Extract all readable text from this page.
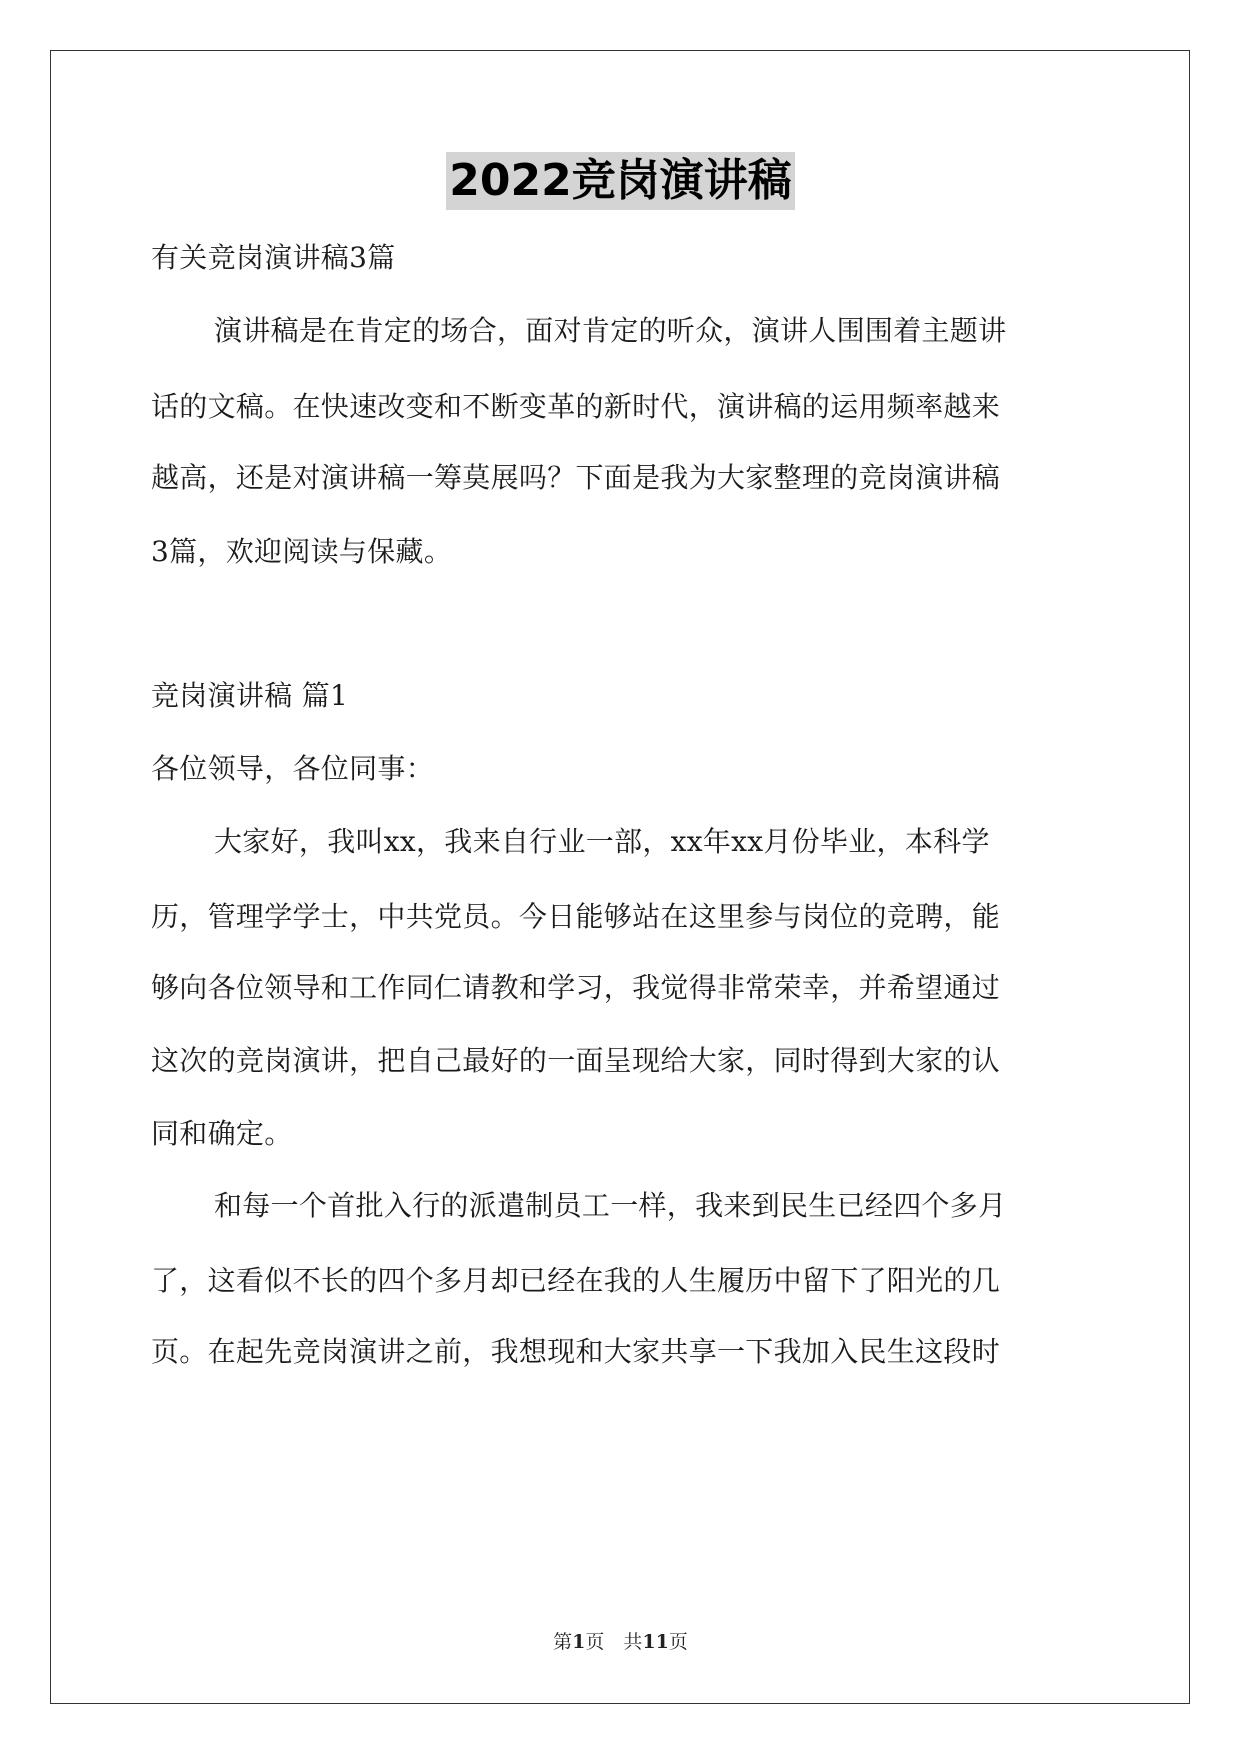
2022竞岗演讲稿
有关竞岗演讲稿3篇
演讲稿是在肯定的场合，面对肯定的听众，演讲人围围着主题讲
话的文稿。在快速改变和不断变革的新时代，演讲稿的运用频率越来
越高，还是对演讲稿一筹莫展吗？下面是我为大家整理的竞岗演讲稿
3篇，欢迎阅读与保藏。
竞岗演讲稿 篇1
各位领导，各位同事：
大家好，我叫xx，我来自行业一部，xx年xx月份毕业，本科学
历，管理学学士，中共党员。今日能够站在这里参与岗位的竞聘，能
够向各位领导和工作同仁请教和学习，我觉得非常荣幸，并希望通过
这次的竞岗演讲，把自己最好的一面呈现给大家，同时得到大家的认
同和确定。
和每一个首批入行的派遣制员工一样，我来到民生已经四个多月
了，这看似不长的四个多月却已经在我的人生履历中留下了阳光的几
页。在起先竞岗演讲之前，我想现和大家共享一下我加入民生这段时
第1页　共11页
